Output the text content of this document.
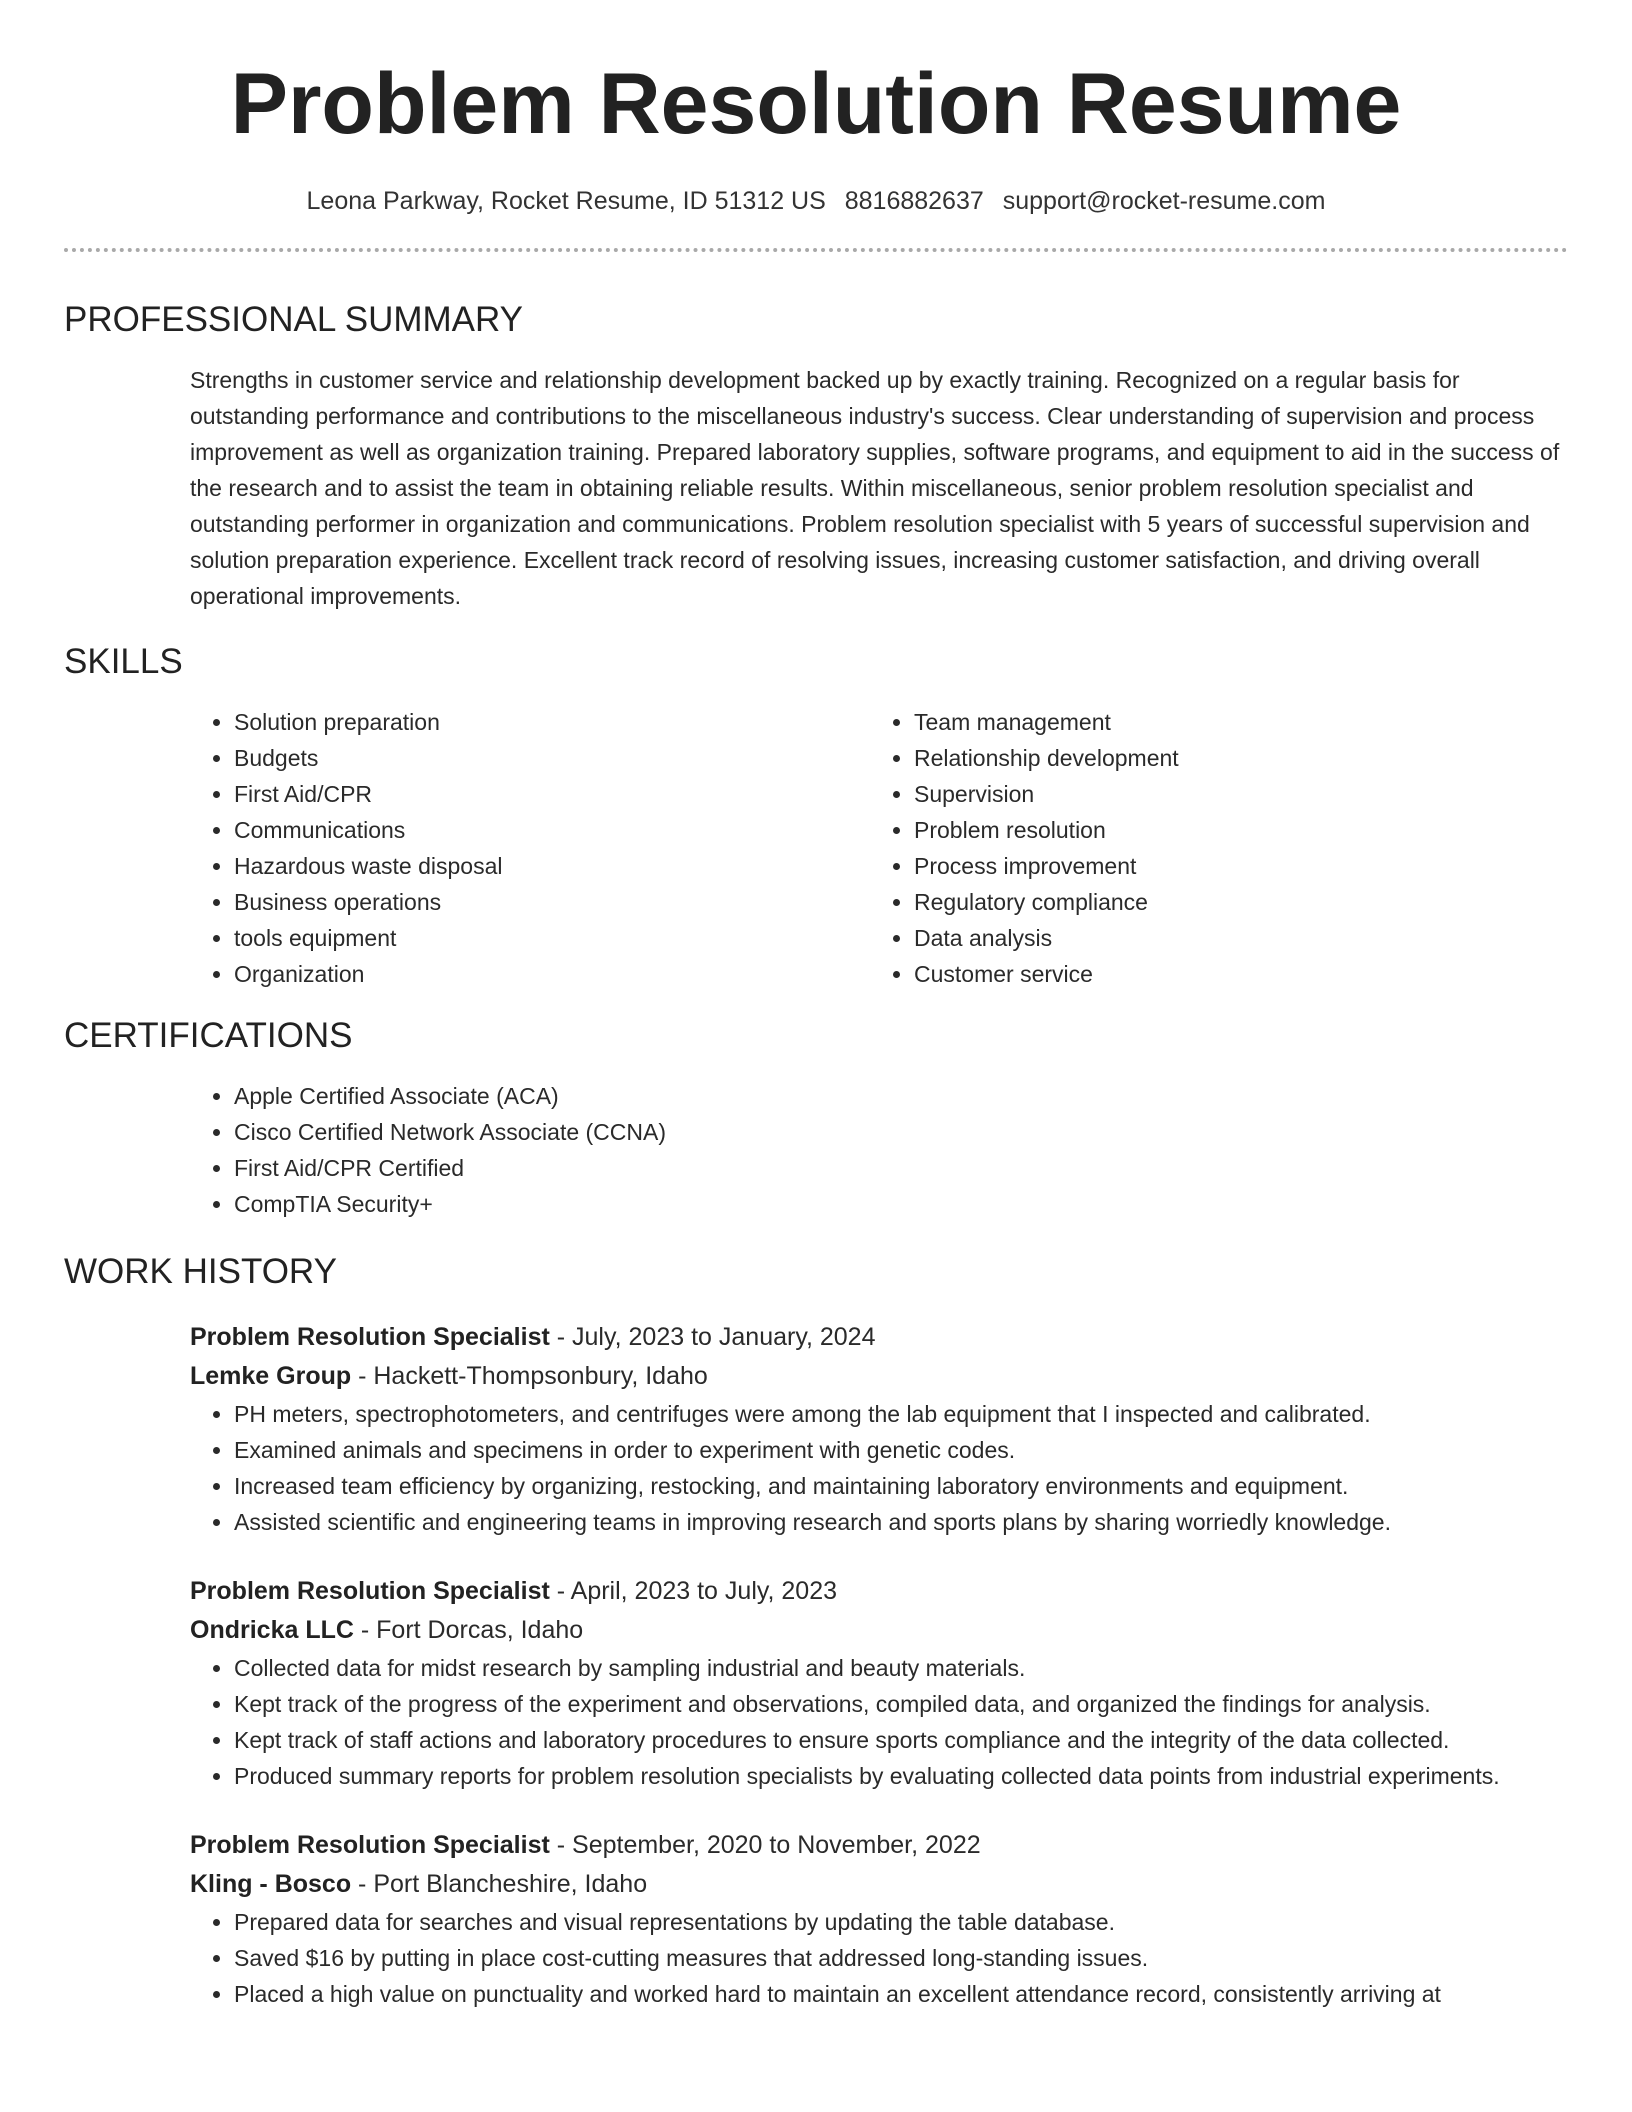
Problem Resolution Resume
Leona Parkway, Rocket Resume, ID 51312 US 8816882637 support@rocket-resume.com
PROFESSIONAL SUMMARY
Strengths in customer service and relationship development backed up by exactly training. Recognized on a regular basis for outstanding performance and contributions to the miscellaneous industry's success. Clear understanding of supervision and process improvement as well as organization training. Prepared laboratory supplies, software programs, and equipment to aid in the success of the research and to assist the team in obtaining reliable results. Within miscellaneous, senior problem resolution specialist and outstanding performer in organization and communications. Problem resolution specialist with 5 years of successful supervision and solution preparation experience. Excellent track record of resolving issues, increasing customer satisfaction, and driving overall operational improvements.
SKILLS
• Solution preparation
• Budgets
• First Aid/CPR
• Communications
• Hazardous waste disposal
• Business operations
• tools equipment
• Organization
• Team management
• Relationship development
• Supervision
• Problem resolution
• Process improvement
• Regulatory compliance
• Data analysis
• Customer service
CERTIFICATIONS
• Apple Certified Associate (ACA)
• Cisco Certified Network Associate (CCNA)
• First Aid/CPR Certified
• CompTIA Security+
WORK HISTORY
Problem Resolution Specialist - July, 2023 to January, 2024
Lemke Group - Hackett-Thompsonbury, Idaho
• PH meters, spectrophotometers, and centrifuges were among the lab equipment that I inspected and calibrated.
• Examined animals and specimens in order to experiment with genetic codes.
• Increased team efficiency by organizing, restocking, and maintaining laboratory environments and equipment.
• Assisted scientific and engineering teams in improving research and sports plans by sharing worriedly knowledge.
Problem Resolution Specialist - April, 2023 to July, 2023
Ondricka LLC - Fort Dorcas, Idaho
• Collected data for midst research by sampling industrial and beauty materials.
• Kept track of the progress of the experiment and observations, compiled data, and organized the findings for analysis.
• Kept track of staff actions and laboratory procedures to ensure sports compliance and the integrity of the data collected.
• Produced summary reports for problem resolution specialists by evaluating collected data points from industrial experiments.
Problem Resolution Specialist - September, 2020 to November, 2022
Kling - Bosco - Port Blancheshire, Idaho
• Prepared data for searches and visual representations by updating the table database.
• Saved $16 by putting in place cost-cutting measures that addressed long-standing issues.
• Placed a high value on punctuality and worked hard to maintain an excellent attendance record, consistently arriving at
